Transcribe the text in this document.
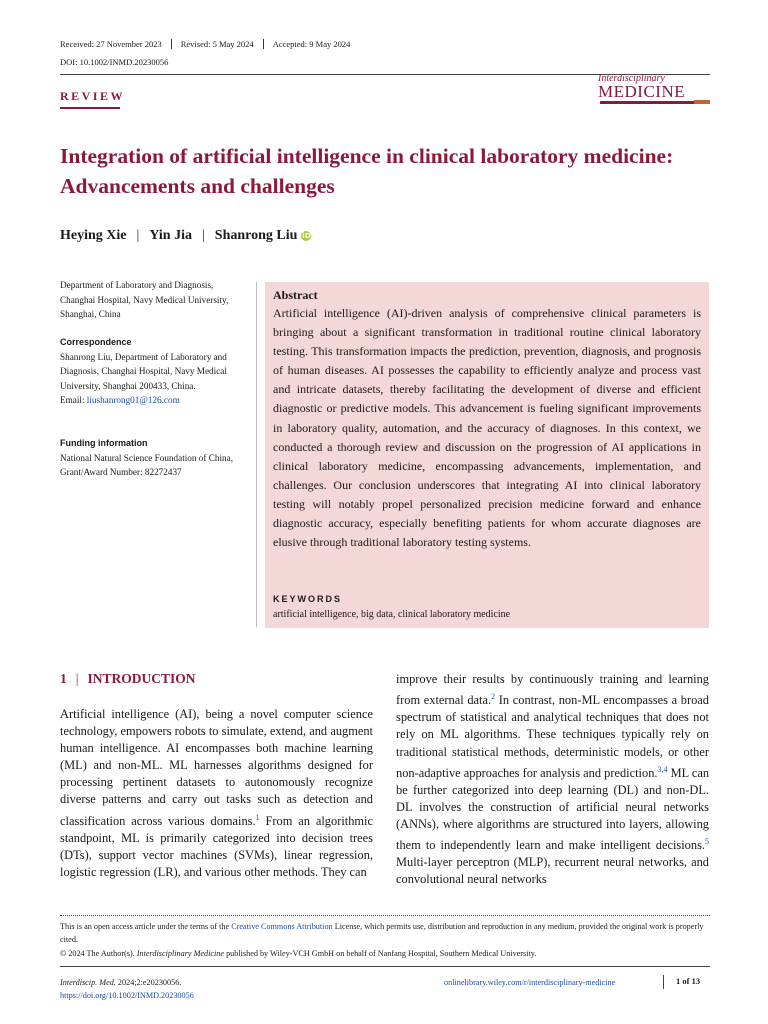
Received: 27 November 2023	Revised: 5 May 2024	Accepted: 9 May 2024
DOI: 10.1002/INMD.20230056
REVIEW
Interdisciplinary
MEDICINE
Integration of artificial intelligence in clinical laboratory medicine: Advancements and challenges
Heying Xie | Yin Jia | Shanrong Liu iD
Department of Laboratory and Diagnosis, Changhai Hospital, Navy Medical University, Shanghai, China
Correspondence
Shanrong Liu, Department of Laboratory and Diagnosis, Changhai Hospital, Navy Medical University, Shanghai 200433, China.
Email: liushanrong01@126.com
Funding information
National Natural Science Foundation of China, Grant/Award Number: 82272437
Abstract
Artificial intelligence (AI)-driven analysis of comprehensive clinical parameters is bringing about a significant transformation in traditional routine clinical laboratory testing. This transformation impacts the prediction, prevention, diagnosis, and prognosis of human diseases. AI possesses the capability to efficiently analyze and process vast and intricate datasets, thereby facilitating the development of diverse and efficient diagnostic or predictive models. This advancement is fueling significant improvements in laboratory quality, automation, and the accuracy of diagnoses. In this context, we conducted a thorough review and discussion on the progression of AI applications in clinical laboratory medicine, encompassing advancements, implementation, and challenges. Our conclusion underscores that integrating AI into clinical laboratory testing will notably propel personalized precision medicine forward and enhance diagnostic accuracy, especially benefiting patients for whom accurate diagnoses are elusive through traditional laboratory testing systems.
KEYWORDS
artificial intelligence, big data, clinical laboratory medicine
1 | INTRODUCTION
Artificial intelligence (AI), being a novel computer science technology, empowers robots to simulate, extend, and augment human intelligence. AI encompasses both machine learning (ML) and non-ML. ML harnesses algorithms designed for processing pertinent datasets to autonomously recognize diverse patterns and carry out tasks such as detection and classification across various domains.$^1$ From an algorithmic standpoint, ML is primarily categorized into decision trees (DTs), support vector machines (SVMs), linear regression, logistic regression (LR), and various other methods. They can
improve their results by continuously training and learning from external data.$^2$ In contrast, non-ML encompasses a broad spectrum of statistical and analytical techniques that does not rely on ML algorithms. These techniques typically rely on traditional statistical methods, deterministic models, or other non-adaptive approaches for analysis and prediction.$^{3,4}$ ML can be further categorized into deep learning (DL) and non-DL. DL involves the construction of artificial neural networks (ANNs), where algorithms are structured into layers, allowing them to independently learn and make intelligent decisions.$^5$ Multi-layer perceptron (MLP), recurrent neural networks, and convolutional neural networks
This is an open access article under the terms of the Creative Commons Attribution License, which permits use, distribution and reproduction in any medium, provided the original work is properly cited.
© 2024 The Author(s). Interdisciplinary Medicine published by Wiley-VCH GmbH on behalf of Nanfang Hospital, Southern Medical University.
Interdiscip. Med. 2024;2:e20230056.
https://doi.org/10.1002/INMD.20230056
onlinelibrary.wiley.com/r/interdisciplinary-medicine	1 of 13
